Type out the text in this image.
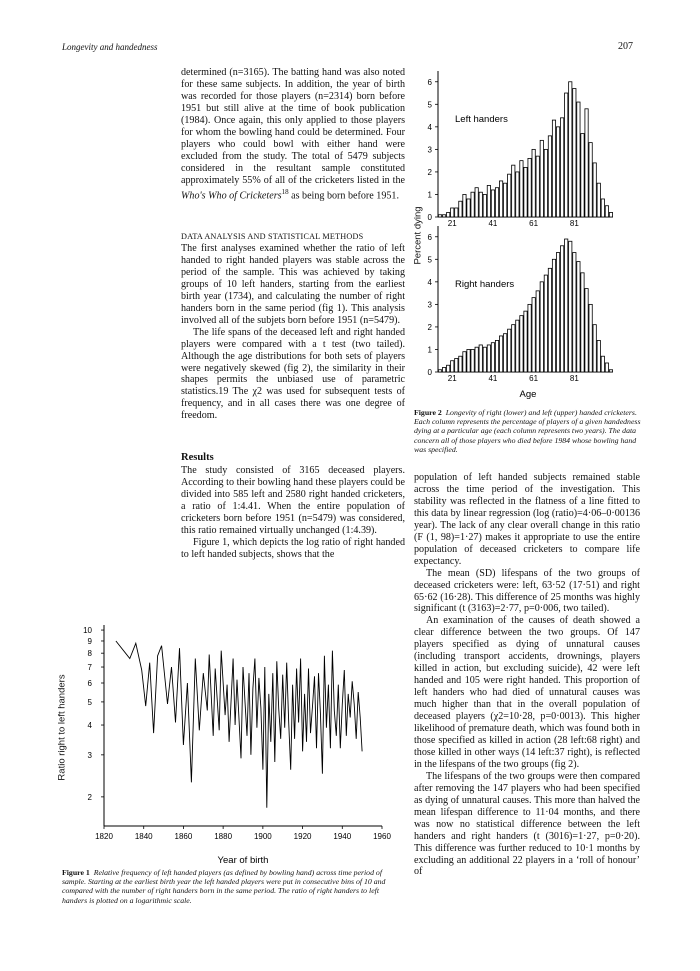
Longevity and handedness	207

determined (n=3165). The batting hand was also noted for these same subjects. In addition, the year of birth was recorded for those players (n=2314) born before 1951 but still alive at the time of book publication (1984). Once again, this only applied to those players for whom the bowling hand could be determined. Four players who could bowl with either hand were excluded from the study. The total of 5479 subjects considered in the resultant sample constituted approximately 55% of all of the cricketers listed in the Who's Who of Cricketers$^{18}$ as being born before 1951.

DATA ANALYSIS AND STATISTICAL METHODS

The first analyses examined whether the ratio of left handed to right handed players was stable across the period of the sample. This was achieved by taking groups of 10 left handers, starting from the earliest birth year (1734), and calculating the number of right handers born in the same period (fig 1). This analysis involved all of the subjets born before 1951 (n=5479).

The life spans of the deceased left and right handed players were compared with a t test (two tailed). Although the age distributions for both sets of players were negatively skewed (fig 2), the similarity in their shapes permits the unbiased use of parametric statistics.19 The χ2 was used for subsequent tests of frequency, and in all cases there was one degree of freedom.

Results

The study consisted of 3165 deceased players. According to their bowling hand these players could be divided into 585 left and 2580 right handed cricketers, a ratio of 1:4.41. When the entire population of cricketers born before 1951 (n=5479) was considered, this ratio remained virtually unchanged (1:4.39).

Figure 1, which depicts the log ratio of right handed to left handed subjects, shows that the

population of left handed subjects remained stable across the time period of the investigation. This stability was reflected in the flatness of a line fitted to this data by linear regression (log (ratio)=4·06–0·00136 year). The lack of any clear overall change in this ratio (F (1, 98)=1·27) makes it appropriate to use the entire population of deceased cricketers to compare life expectancy.

The mean (SD) lifespans of the two groups of deceased cricketers were: left, 63·52 (17·51) and right 65·62 (16·28). This difference of 25 months was highly significant (t (3163)=2·77, p=0·006, two tailed).

An examination of the causes of death showed a clear difference between the two groups. Of 147 players specified as dying of unnatural causes (including transport accidents, drownings, players killed in action, but excluding suicide), 42 were left handed and 105 were right handed. This proportion of left handers who had died of unnatural causes was much higher than that in the overall population of deceased players (χ2=10·28, p=0·0013). This higher likelihood of premature death, which was found both in those specified as killed in action (28 left:68 right) and those killed in other ways (14 left:37 right), is reflected in the lifespans of the two groups (fig 2).

The lifespans of the two groups were then compared after removing the 147 players who had been specified as dying of unnatural causes. This more than halved the mean lifespan difference to 11·04 months, and there was now no statistical difference between the left handers and right handers (t (3016)=1·27, p=0·20). This difference was further reduced to 10·1 months by excluding an additional 22 players in a ‘roll of honour’ of

0
1
2
3
4
5
6
21	41	61	81
Left handers
0
1
2
3
4
5
6
21	41	61	81
Right handers
Age
Percent dying
Figure 2 Longevity of right (lower) and left (upper) handed cricketers. Each column represents the percentage of players of a given handedness dying at a particular age (each column represents two years). The data concern all of those players who died before 1984 whose bowling hand was specified.
2
3
4
5
6
7
8
9
10
1820	1840	1860	1880	1900	1920	1940	1960
Year of birth
Ratio right to left handers
Figure 1 Relative frequency of left handed players (as defined by bowling hand) across time period of sample. Starting at the earliest birth year the left handed players were put in consecutive bins of 10 and compared with the number of right handers born in the same period. The ratio of right handers to left handers is plotted on a logarithmic scale.
